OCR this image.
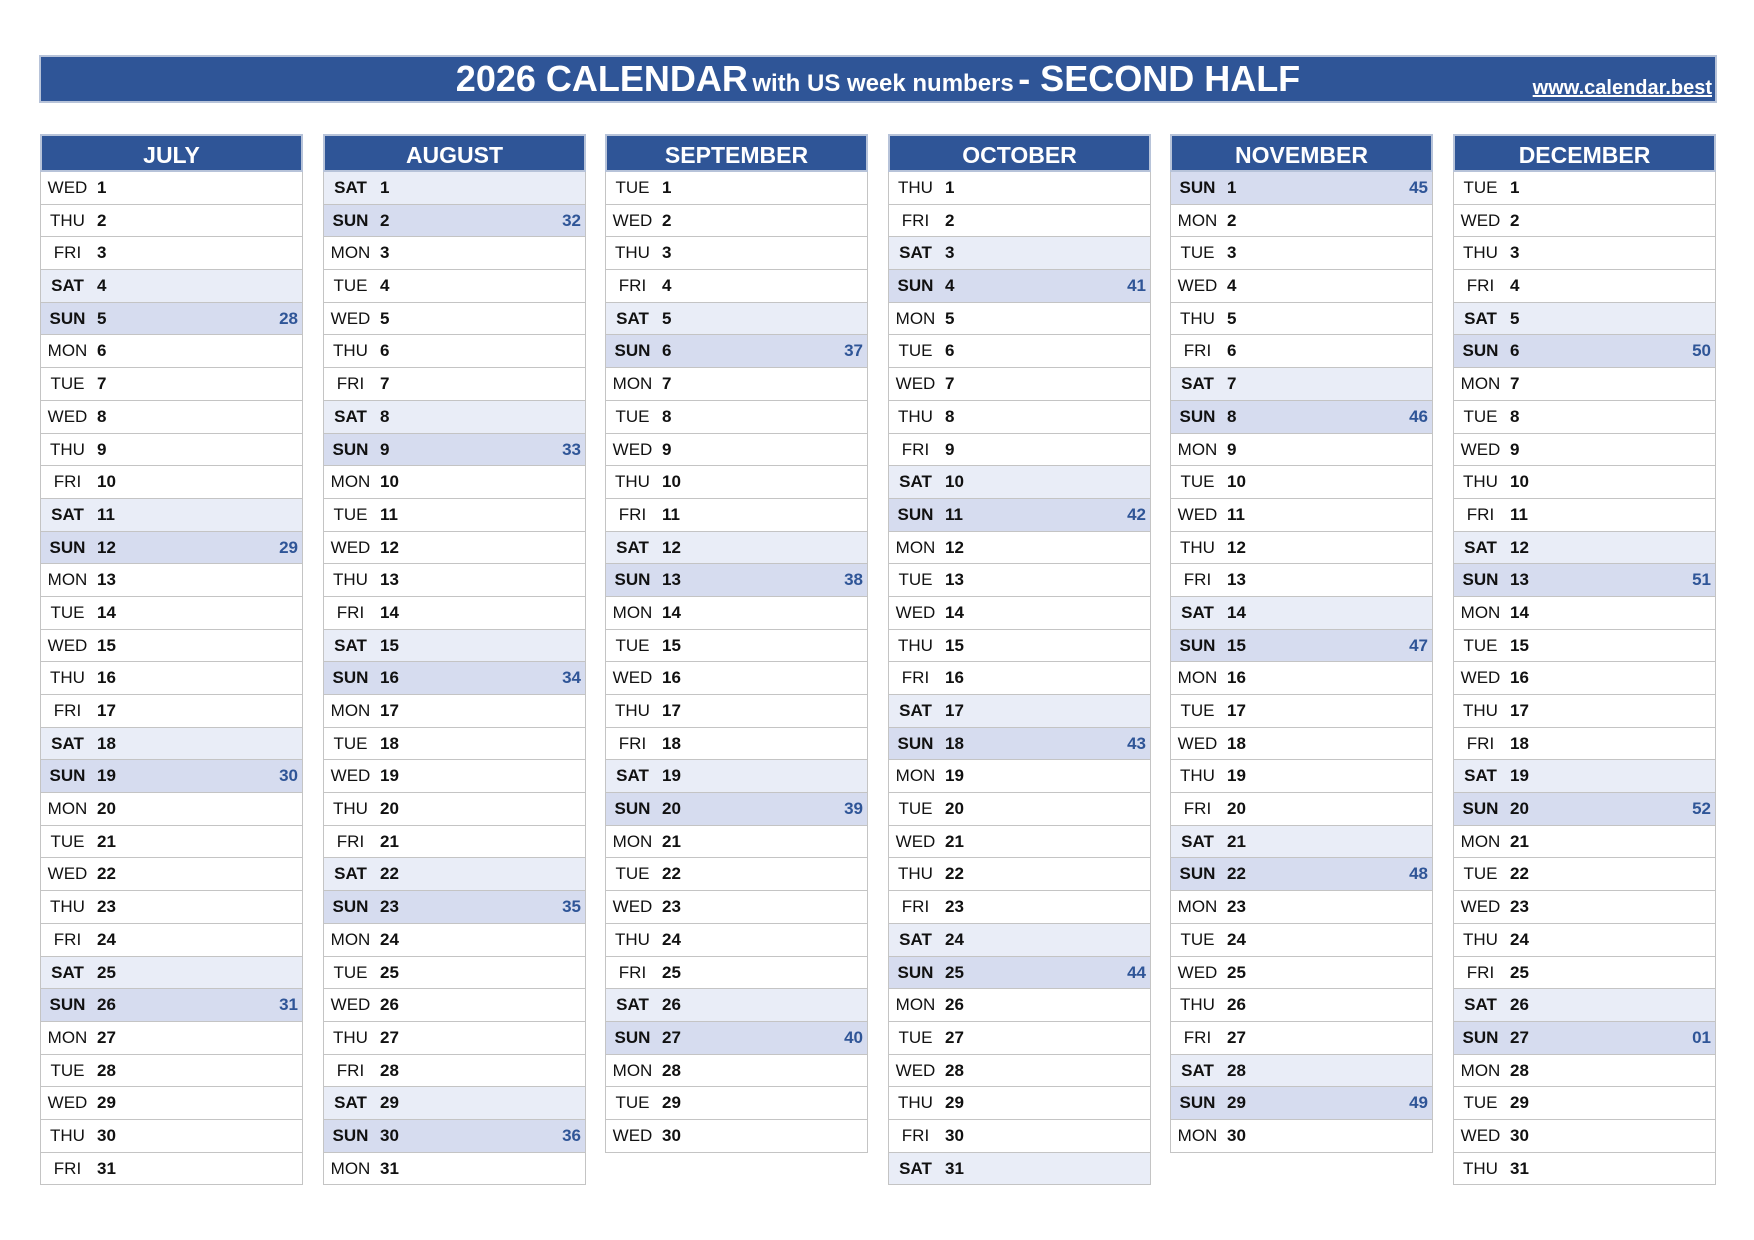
2026 CALENDAR with US week numbers - SECOND HALF	www.calendar.best
JULY
WED 1
THU 2
FRI 3
SAT 4
SUN 5	28
MON 6
TUE 7
WED 8
THU 9
FRI 10
SAT 11
SUN 12	29
MON 13
TUE 14
WED 15
THU 16
FRI 17
SAT 18
SUN 19	30
MON 20
TUE 21
WED 22
THU 23
FRI 24
SAT 25
SUN 26	31
MON 27
TUE 28
WED 29
THU 30
FRI 31
AUGUST
SAT 1
SUN 2	32
MON 3
TUE 4
WED 5
THU 6
FRI 7
SAT 8
SUN 9	33
MON 10
TUE 11
WED 12
THU 13
FRI 14
SAT 15
SUN 16	34
MON 17
TUE 18
WED 19
THU 20
FRI 21
SAT 22
SUN 23	35
MON 24
TUE 25
WED 26
THU 27
FRI 28
SAT 29
SUN 30	36
MON 31
SEPTEMBER
TUE 1
WED 2
THU 3
FRI 4
SAT 5
SUN 6	37
MON 7
TUE 8
WED 9
THU 10
FRI 11
SAT 12
SUN 13	38
MON 14
TUE 15
WED 16
THU 17
FRI 18
SAT 19
SUN 20	39
MON 21
TUE 22
WED 23
THU 24
FRI 25
SAT 26
SUN 27	40
MON 28
TUE 29
WED 30
OCTOBER
THU 1
FRI 2
SAT 3
SUN 4	41
MON 5
TUE 6
WED 7
THU 8
FRI 9
SAT 10
SUN 11	42
MON 12
TUE 13
WED 14
THU 15
FRI 16
SAT 17
SUN 18	43
MON 19
TUE 20
WED 21
THU 22
FRI 23
SAT 24
SUN 25	44
MON 26
TUE 27
WED 28
THU 29
FRI 30
SAT 31
NOVEMBER
SUN 1	45
MON 2
TUE 3
WED 4
THU 5
FRI 6
SAT 7
SUN 8	46
MON 9
TUE 10
WED 11
THU 12
FRI 13
SAT 14
SUN 15	47
MON 16
TUE 17
WED 18
THU 19
FRI 20
SAT 21
SUN 22	48
MON 23
TUE 24
WED 25
THU 26
FRI 27
SAT 28
SUN 29	49
MON 30
DECEMBER
TUE 1
WED 2
THU 3
FRI 4
SAT 5
SUN 6	50
MON 7
TUE 8
WED 9
THU 10
FRI 11
SAT 12
SUN 13	51
MON 14
TUE 15
WED 16
THU 17
FRI 18
SAT 19
SUN 20	52
MON 21
TUE 22
WED 23
THU 24
FRI 25
SAT 26
SUN 27	01
MON 28
TUE 29
WED 30
THU 31
